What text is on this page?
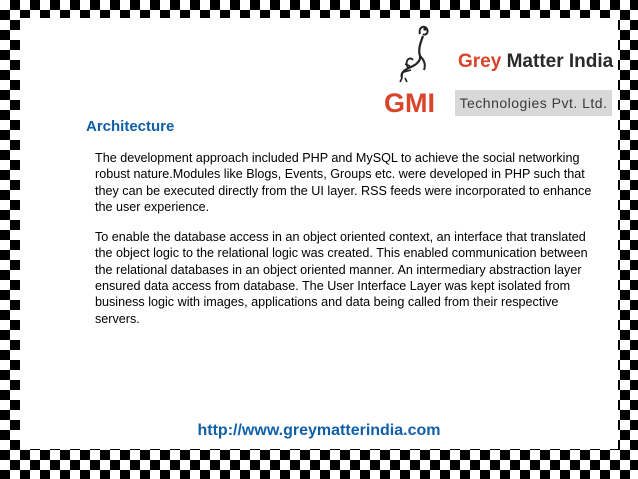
GMI
Grey Matter India
Technologies Pvt. Ltd.
Architecture

The development approach included PHP and MySQL to achieve the social networking robust nature.Modules like Blogs, Events, Groups etc. were developed in PHP such that they can be executed directly from the UI layer. RSS feeds were incorporated to enhance the user experience.

To enable the database access in an object oriented context, an interface that translated the object logic to the relational logic was created. This enabled communication between the relational databases in an object oriented manner. An intermediary abstraction layer ensured data access from database. The User Interface Layer was kept isolated from business logic with images, applications and data being called from their respective servers.

http://www.greymatterindia.com
